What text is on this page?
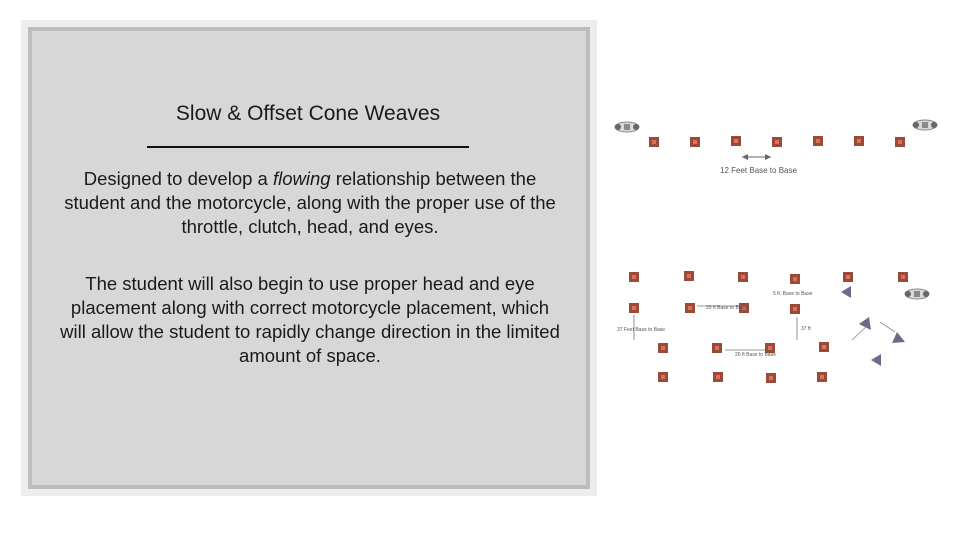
Slow & Offset Cone Weaves
Designed to develop a flowing relationship between the student and the motorcycle, along with the proper use of the throttle, clutch, head, and eyes.
The student will also begin to use proper head and eye placement along with correct motorcycle placement, which will allow the student to rapidly change direction in the limited amount of space.
12 Feet Base to Base
5 ft. Base to Base
20 ft Base to Base
37 Feet Base to Base	37 ft
20 ft Base to Base
